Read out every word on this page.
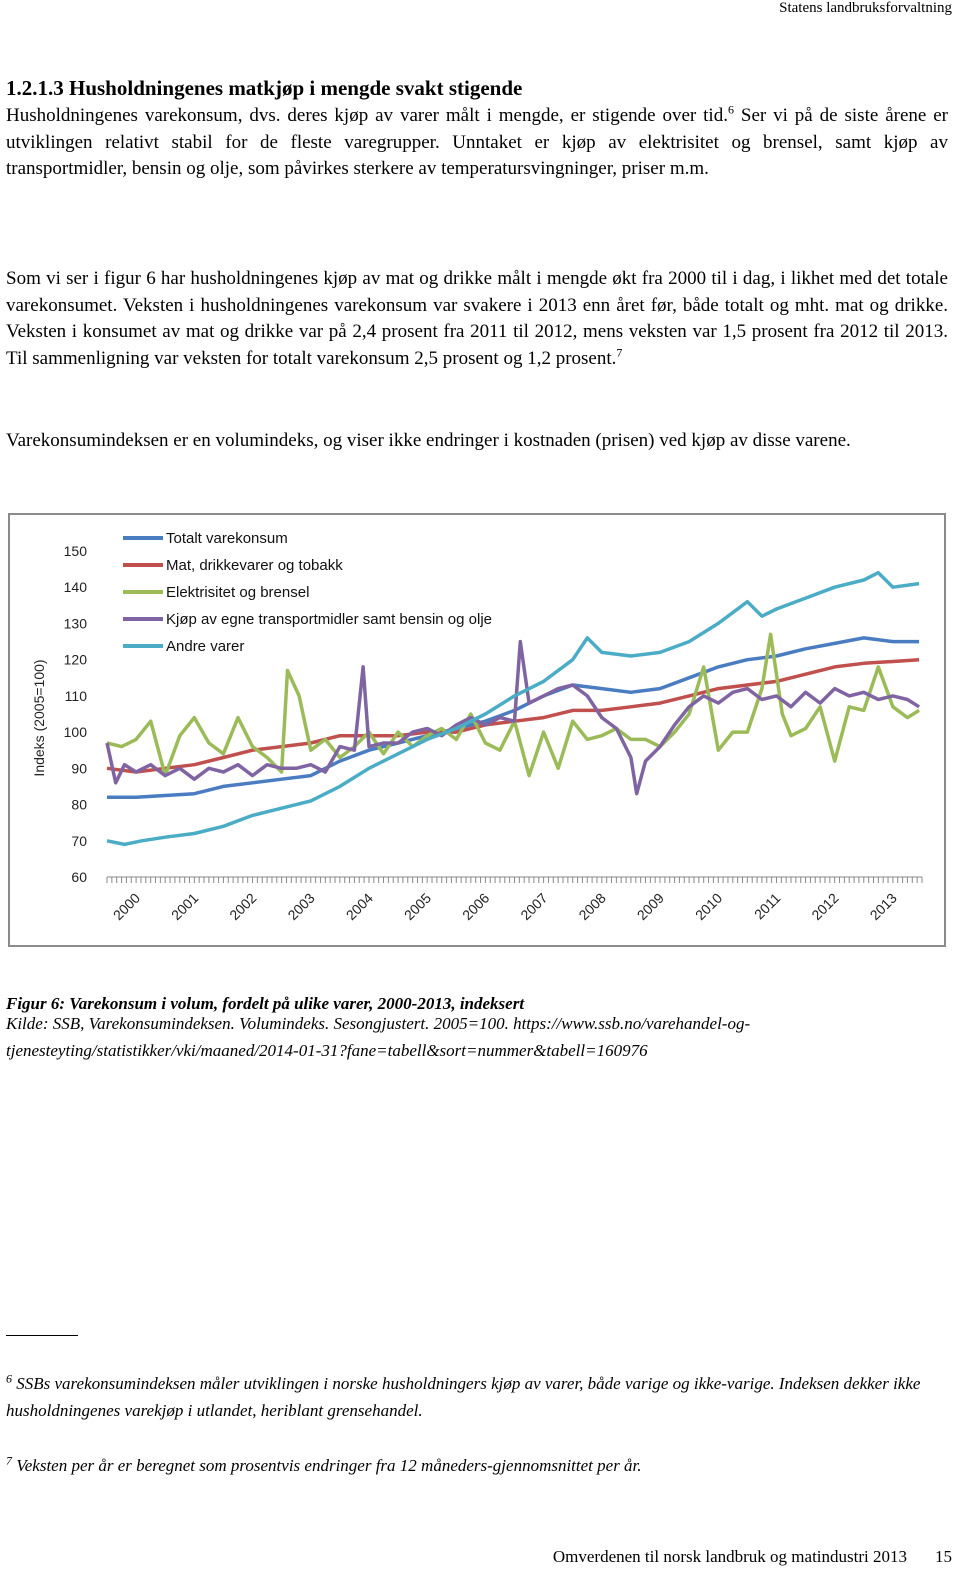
Statens landbruksforvaltning
1.2.1.3 Husholdningenes matkjøp i mengde svakt stigende

Husholdningenes varekonsum, dvs. deres kjøp av varer målt i mengde, er stigende over tid.$^6$ Ser vi på de siste årene er utviklingen relativt stabil for de fleste varegrupper. Unntaket er kjøp av elektrisitet og brensel, samt kjøp av transportmidler, bensin og olje, som påvirkes sterkere av temperatursvingninger, priser m.m.

Som vi ser i figur 6 har husholdningenes kjøp av mat og drikke målt i mengde økt fra 2000 til i dag, i likhet med det totale varekonsumet. Veksten i husholdningenes varekonsum var svakere i 2013 enn året før, både totalt og mht. mat og drikke. Veksten i konsumet av mat og drikke var på 2,4 prosent fra 2011 til 2012, mens veksten var 1,5 prosent fra 2012 til 2013. Til sammenligning var veksten for totalt varekonsum 2,5 prosent og 1,2 prosent.$^7$

Varekonsumindeksen er en volumindeks, og viser ikke endringer i kostnaden (prisen) ved kjøp av disse varene.

60
70
80
90
100
110
120
130
140
150
Indeks (2005=100)
2000 2001 2002 2003 2004 2005 2006 2007 2008 2009 2010 2011 2012 2013
Totalt varekonsum
Mat, drikkevarer og tobakk
Elektrisitet og brensel
Kjøp av egne transportmidler samt bensin og olje
Andre varer

Figur 6: Varekonsum i volum, fordelt på ulike varer, 2000-2013, indeksert

Kilde: SSB, Varekonsumindeksen. Volumindeks. Sesongjustert. 2005=100. https://www.ssb.no/varehandel-og-tjenesteyting/statistikker/vki/maaned/2014-01-31?fane=tabell&sort=nummer&tabell=160976

$^6$ SSBs varekonsumindeksen måler utviklingen i norske husholdningers kjøp av varer, både varige og ikke-varige. Indeksen dekker ikke husholdningenes varekjøp i utlandet, heriblant grensehandel.

$^7$ Veksten per år er beregnet som prosentvis endringer fra 12 måneders-gjennomsnittet per år.

Omverdenen til norsk landbruk og matindustri 2013 15
